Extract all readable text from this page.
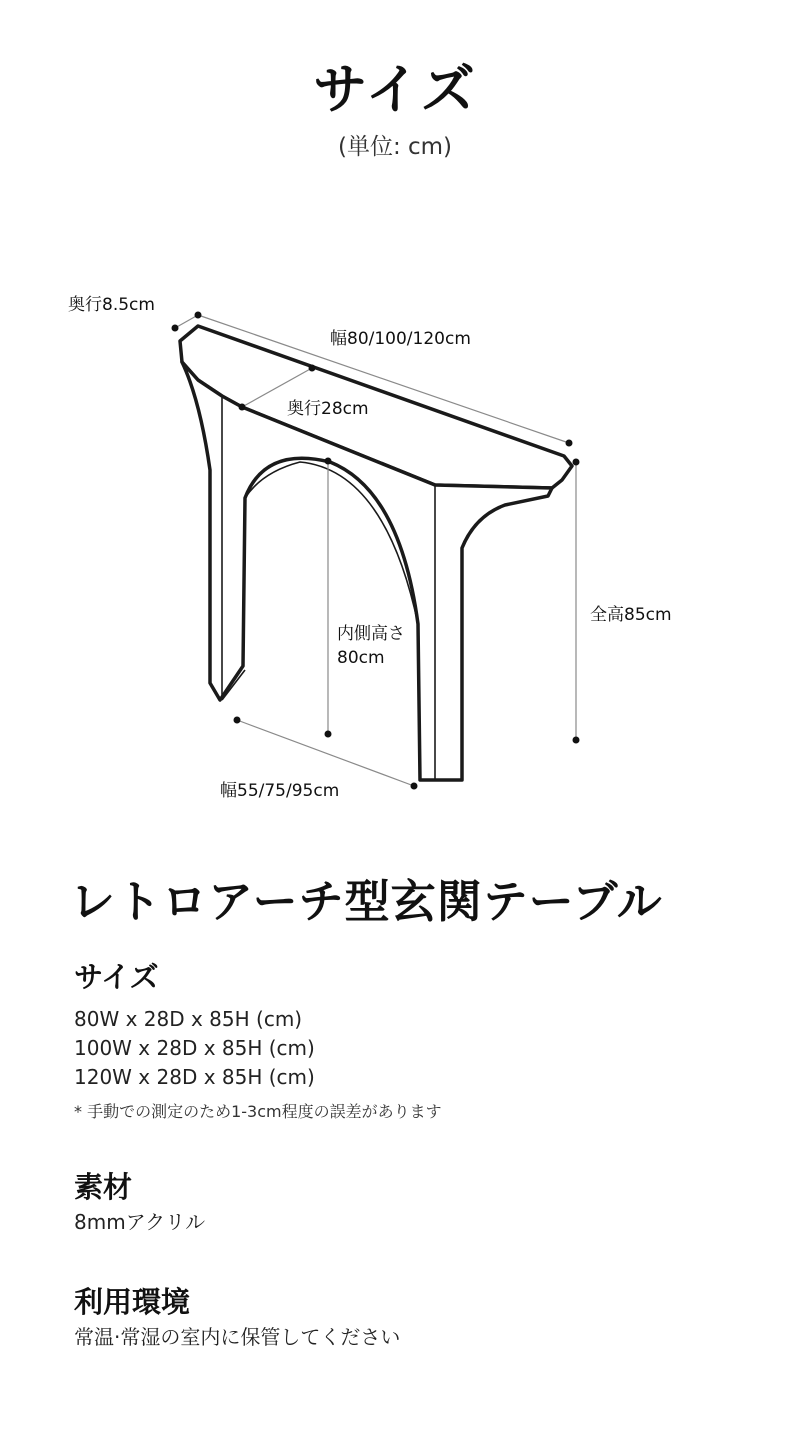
サイズ
(単位: cm)
奥行8.5cm
幅80/100/120cm
奥行28cm
内側高さ
80cm
全高85cm
幅55/75/95cm
レトロアーチ型玄関テーブル
サイズ
80W x 28D x 85H (cm)
100W x 28D x 85H (cm)
120W x 28D x 85H (cm)
* 手動での測定のため1-3cm程度の誤差があります
素材
8mmアクリル
利用環境
常温·常湿の室内に保管してください
